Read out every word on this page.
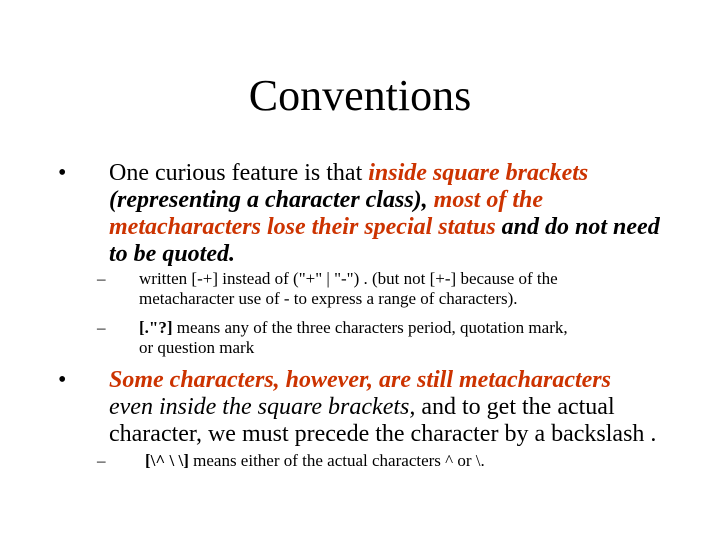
Conventions
• One curious feature is that inside square brackets
(representing a character class), most of the
metacharacters lose their special status and do not need
to be quoted.
– written [-+] instead of ("+" | "-") . (but not [+-] because of the
metacharacter use of - to express a range of characters).
– [."?] means any of the three characters period, quotation mark,
or question mark
• Some characters, however, are still metacharacters
even inside the square brackets, and to get the actual
character, we must precede the character by a backslash .
– [\^ \ \] means either of the actual characters ^ or \.
